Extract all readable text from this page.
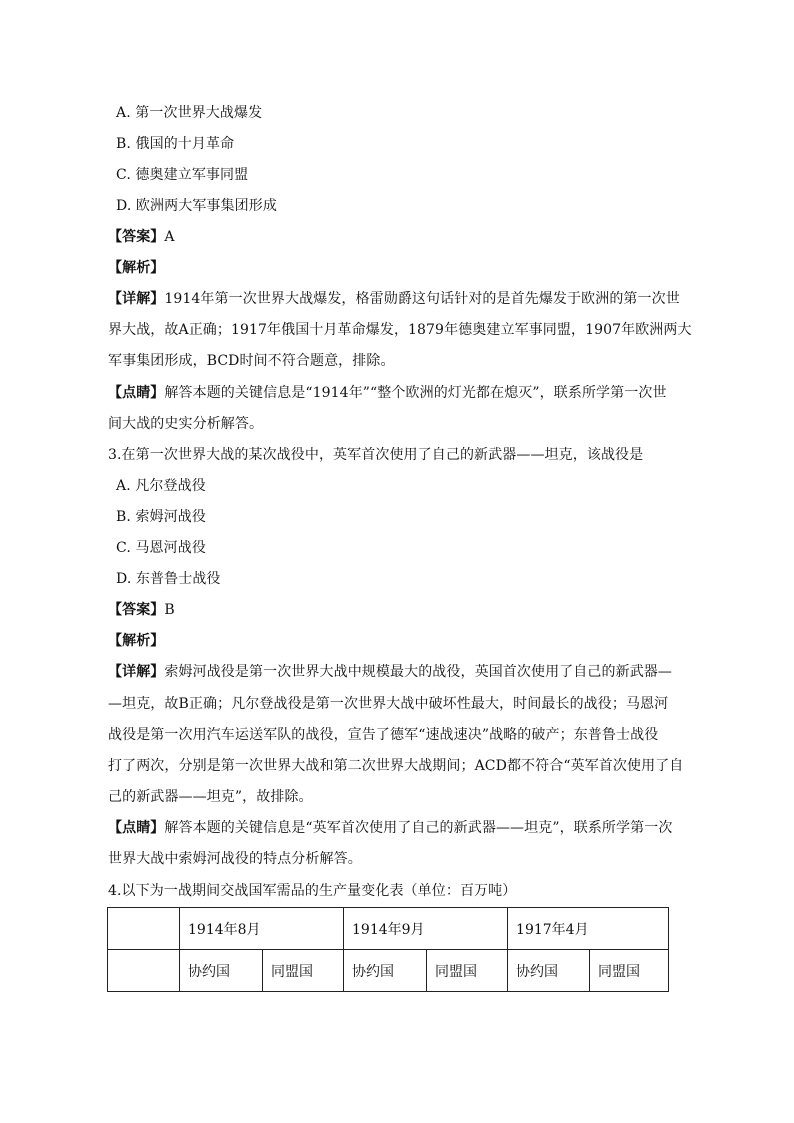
A. 第一次世界大战爆发
B. 俄国的十月革命
C. 德奥建立军事同盟
D. 欧洲两大军事集团形成
【答案】A
【解析】
【详解】1914年第一次世界大战爆发，格雷勋爵这句话针对的是首先爆发于欧洲的第一次世
界大战，故A正确；1917年俄国十月革命爆发，1879年德奥建立军事同盟，1907年欧洲两大
军事集团形成，BCD时间不符合题意，排除。
【点睛】解答本题的关键信息是“1914年”“整个欧洲的灯光都在熄灭”，联系所学第一次世
间大战的史实分析解答。
3.在第一次世界大战的某次战役中，英军首次使用了自己的新武器——坦克，该战役是
A. 凡尔登战役
B. 索姆河战役
C. 马恩河战役
D. 东普鲁士战役
【答案】B
【解析】
【详解】索姆河战役是第一次世界大战中规模最大的战役，英国首次使用了自己的新武器—
—坦克，故B正确；凡尔登战役是第一次世界大战中破坏性最大，时间最长的战役；马恩河
战役是第一次用汽车运送军队的战役，宣告了德军“速战速决”战略的破产；东普鲁士战役
打了两次，分别是第一次世界大战和第二次世界大战期间；ACD都不符合“英军首次使用了自
己的新武器——坦克”，故排除。
【点睛】解答本题的关键信息是“英军首次使用了自己的新武器——坦克”，联系所学第一次
世界大战中索姆河战役的特点分析解答。
4.以下为一战期间交战国军需品的生产量变化表（单位：百万吨）
	1914年8月		1914年9月		1917年4月	
	协约国	同盟国	协约国	同盟国	协约国	同盟国
